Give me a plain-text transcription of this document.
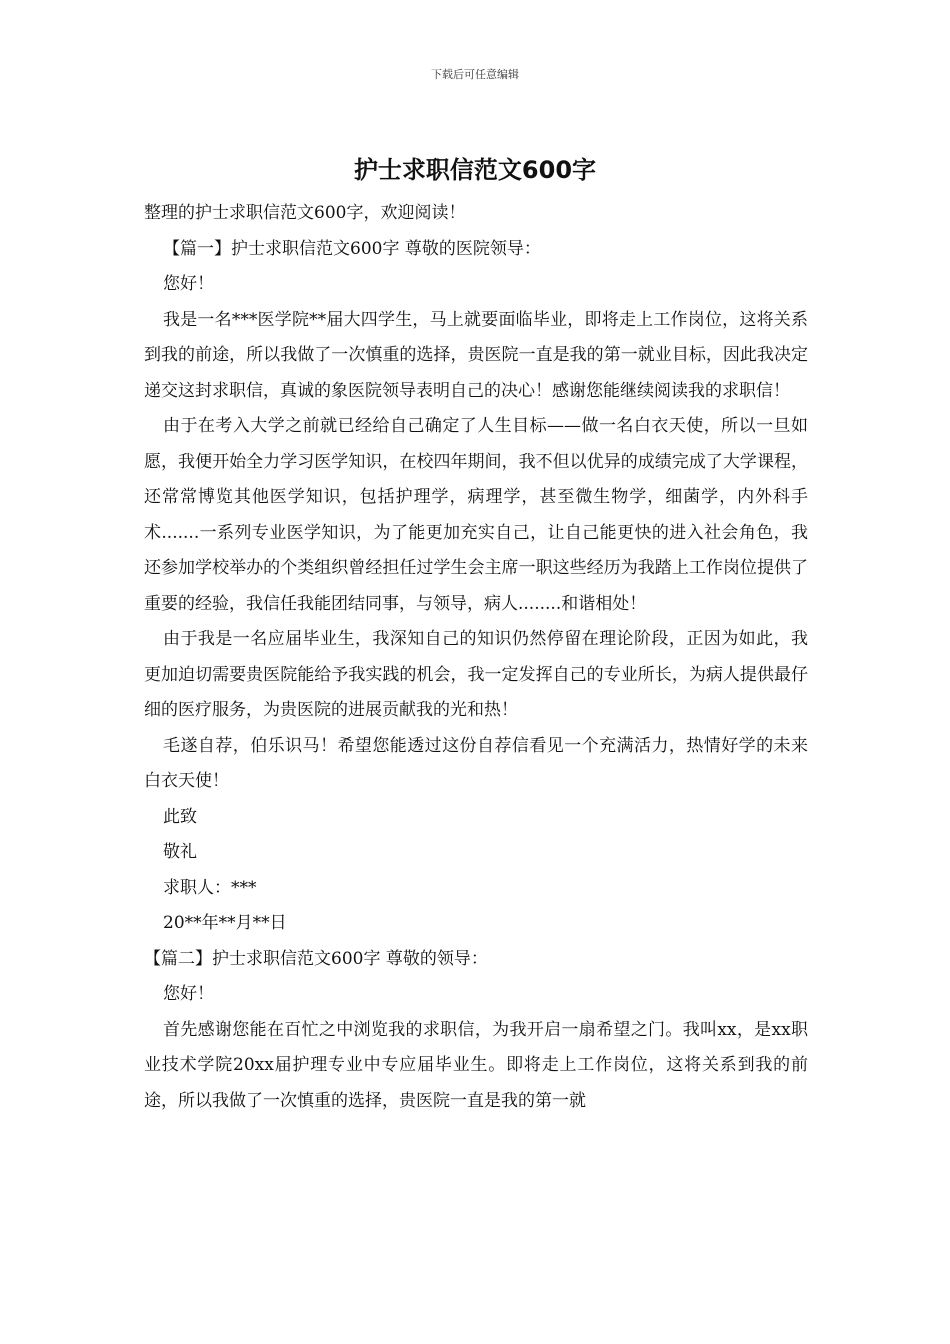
下载后可任意编辑
护士求职信范文600字

整理的护士求职信范文600字，欢迎阅读！

【篇一】护士求职信范文600字 尊敬的医院领导：

您好！

我是一名***医学院**届大四学生，马上就要面临毕业，即将走上工作岗位，这将关系到我的前途，所以我做了一次慎重的选择，贵医院一直是我的第一就业目标，因此我决定递交这封求职信，真诚的象医院领导表明自己的决心！感谢您能继续阅读我的求职信！

由于在考入大学之前就已经给自己确定了人生目标——做一名白衣天使，所以一旦如愿，我便开始全力学习医学知识，在校四年期间，我不但以优异的成绩完成了大学课程，还常常博览其他医学知识，包括护理学，病理学，甚至微生物学，细菌学，内外科手术.......一系列专业医学知识，为了能更加充实自己，让自己能更快的进入社会角色，我还参加学校举办的个类组织曾经担任过学生会主席一职这些经历为我踏上工作岗位提供了重要的经验，我信任我能团结同事，与领导，病人........和谐相处！

由于我是一名应届毕业生，我深知自己的知识仍然停留在理论阶段，正因为如此，我更加迫切需要贵医院能给予我实践的机会，我一定发挥自己的专业所长，为病人提供最仔细的医疗服务，为贵医院的进展贡献我的光和热！

毛遂自荐，伯乐识马！希望您能透过这份自荐信看见一个充满活力，热情好学的未来白衣天使！

此致

敬礼

求职人：***

20**年**月**日

【篇二】护士求职信范文600字 尊敬的领导：

您好！

首先感谢您能在百忙之中浏览我的求职信，为我开启一扇希望之门。我叫xx，是xx职业技术学院20xx届护理专业中专应届毕业生。即将走上工作岗位，这将关系到我的前途，所以我做了一次慎重的选择，贵医院一直是我的第一就
